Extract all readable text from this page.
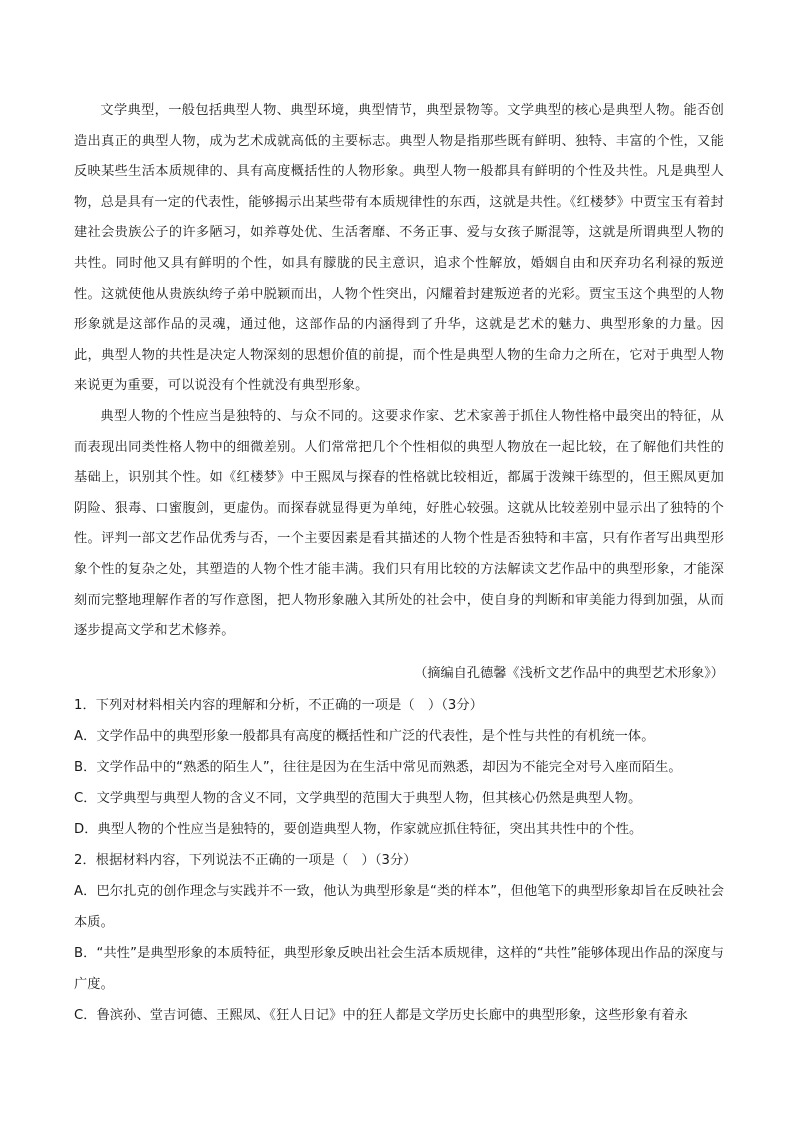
文学典型，一般包括典型人物、典型环境，典型情节，典型景物等。文学典型的核心是典型人物。能否创造出真正的典型人物，成为艺术成就高低的主要标志。典型人物是指那些既有鲜明、独特、丰富的个性，又能反映某些生活本质规律的、具有高度概括性的人物形象。典型人物一般都具有鲜明的个性及共性。凡是典型人物，总是具有一定的代表性，能够揭示出某些带有本质规律性的东西，这就是共性。《红楼梦》中贾宝玉有着封建社会贵族公子的许多陋习，如养尊处优、生活奢靡、不务正事、爱与女孩子厮混等，这就是所谓典型人物的共性。同时他又具有鲜明的个性，如具有朦胧的民主意识，追求个性解放，婚姻自由和厌弃功名利禄的叛逆性。这就使他从贵族纨绔子弟中脱颖而出，人物个性突出，闪耀着封建叛逆者的光彩。贾宝玉这个典型的人物形象就是这部作品的灵魂，通过他，这部作品的内涵得到了升华，这就是艺术的魅力、典型形象的力量。因此，典型人物的共性是决定人物深刻的思想价值的前提，而个性是典型人物的生命力之所在，它对于典型人物来说更为重要，可以说没有个性就没有典型形象。

典型人物的个性应当是独特的、与众不同的。这要求作家、艺术家善于抓住人物性格中最突出的特征，从而表现出同类性格人物中的细微差别。人们常常把几个个性相似的典型人物放在一起比较，在了解他们共性的基础上，识别其个性。如《红楼梦》中王熙凤与探春的性格就比较相近，都属于泼辣干练型的，但王熙凤更加阴险、狠毒、口蜜腹剑，更虚伪。而探春就显得更为单纯，好胜心较强。这就从比较差别中显示出了独特的个性。评判一部文艺作品优秀与否，一个主要因素是看其描述的人物个性是否独特和丰富，只有作者写出典型形象个性的复杂之处，其塑造的人物个性才能丰满。我们只有用比较的方法解读文艺作品中的典型形象，才能深刻而完整地理解作者的写作意图，把人物形象融入其所处的社会中，使自身的判断和审美能力得到加强，从而逐步提高文学和艺术修养。

（摘编自孔德馨《浅析文艺作品中的典型艺术形象》）

1．下列对材料相关内容的理解和分析，不正确的一项是（　）（3分）

A．文学作品中的典型形象一般都具有高度的概括性和广泛的代表性，是个性与共性的有机统一体。

B．文学作品中的“熟悉的陌生人”，往往是因为在生活中常见而熟悉，却因为不能完全对号入座而陌生。

C．文学典型与典型人物的含义不同，文学典型的范围大于典型人物，但其核心仍然是典型人物。

D．典型人物的个性应当是独特的，要创造典型人物，作家就应抓住特征，突出其共性中的个性。

2．根据材料内容，下列说法不正确的一项是（　）（3分）

A．巴尔扎克的创作理念与实践并不一致，他认为典型形象是“类的样本”，但他笔下的典型形象却旨在反映社会本质。

B．“共性”是典型形象的本质特征，典型形象反映出社会生活本质规律，这样的“共性”能够体现出作品的深度与广度。

C．鲁滨孙、堂吉诃德、王熙凤、《狂人日记》中的狂人都是文学历史长廊中的典型形象，这些形象有着永
